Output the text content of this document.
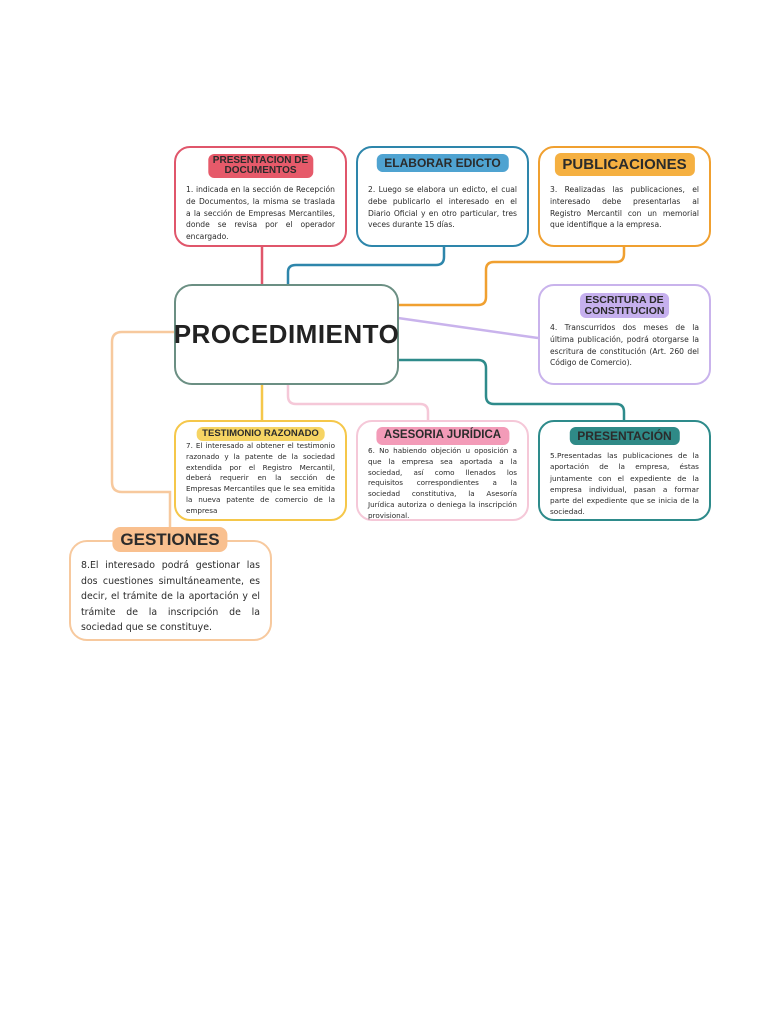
PROCEDIMIENTO
PRESENTACION DE
DOCUMENTOS
1. indicada en la sección de Recepción de Documentos, la misma se traslada a la sección de Empresas Mercantiles, donde se revisa por el operador encargado.
ELABORAR EDICTO
2. Luego se elabora un edicto, el cual debe publicarlo el interesado en el Diario Oficial y en otro particular, tres veces durante 15 días.
PUBLICACIONES
3. Realizadas las publicaciones, el interesado debe presentarlas al Registro Mercantil con un memorial que identifique a la empresa.
ESCRITURA DE
CONSTITUCION
4. Transcurridos dos meses de la última publicación, podrá otorgarse la escritura de constitución (Art. 260 del Código de Comercio).
PRESENTACIÓN
5.Presentadas las publicaciones de la aportación de la empresa, éstas juntamente con el expediente de la empresa individual, pasan a formar parte del expediente que se inicia de la sociedad.
ASESORIA JURÍDICA
6. No habiendo objeción u oposición a que la empresa sea aportada a la sociedad, así como llenados los requisitos correspondientes a la sociedad constitutiva, la Asesoría Jurídica autoriza o deniega la inscripción provisional.
TESTIMONIO RAZONADO
7. El interesado al obtener el testimonio razonado y la patente de la sociedad extendida por el Registro Mercantil, deberá requerir en la sección de Empresas Mercantiles que le sea emitida la nueva patente de comercio de la empresa
8.El interesado podrá gestionar las dos cuestiones simultáneamente, es decir, el trámite de la aportación y el trámite de la inscripción de la sociedad que se constituye.
GESTIONES
